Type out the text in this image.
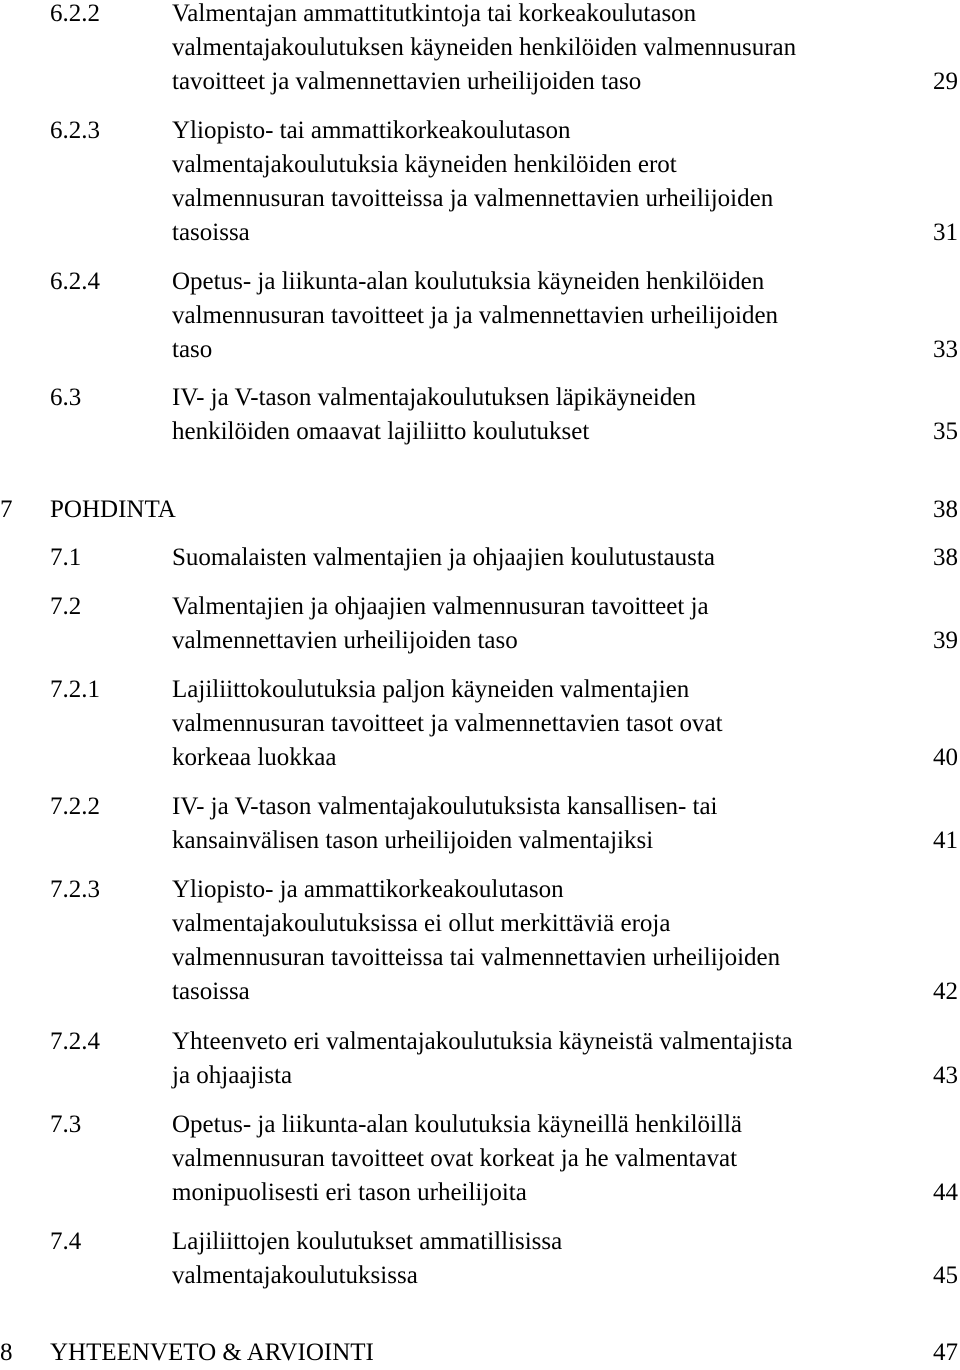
6.2.2	Valmentajan ammattitutkintoja tai korkeakoulutason
valmentajakoulutuksen käyneiden henkilöiden valmennusuran
tavoitteet ja valmennettavien urheilijoiden taso	29
6.2.3	Yliopisto- tai ammattikorkeakoulutason
valmentajakoulutuksia käyneiden henkilöiden erot
valmennusuran tavoitteissa ja valmennettavien urheilijoiden
tasoissa	31
6.2.4	Opetus- ja liikunta-alan koulutuksia käyneiden henkilöiden
valmennusuran tavoitteet ja ja valmennettavien urheilijoiden
taso	33
6.3	IV- ja V-tason valmentajakoulutuksen läpikäyneiden
henkilöiden omaavat lajiliitto koulutukset	35
7 POHDINTA	38
7.1	Suomalaisten valmentajien ja ohjaajien koulutustausta	38
7.2	Valmentajien ja ohjaajien valmennusuran tavoitteet ja
valmennettavien urheilijoiden taso	39
7.2.1	Lajiliittokoulutuksia paljon käyneiden valmentajien
valmennusuran tavoitteet ja valmennettavien tasot ovat
korkeaa luokkaa	40
7.2.2	IV- ja V-tason valmentajakoulutuksista kansallisen- tai
kansainvälisen tason urheilijoiden valmentajiksi	41
7.2.3	Yliopisto- ja ammattikorkeakoulutason
valmentajakoulutuksissa ei ollut merkittäviä eroja
valmennusuran tavoitteissa tai valmennettavien urheilijoiden
tasoissa	42
7.2.4	Yhteenveto eri valmentajakoulutuksia käyneistä valmentajista
ja ohjaajista	43
7.3	Opetus- ja liikunta-alan koulutuksia käyneillä henkilöillä
valmennusuran tavoitteet ovat korkeat ja he valmentavat
monipuolisesti eri tason urheilijoita	44
7.4	Lajiliittojen koulutukset ammatillisissa
valmentajakoulutuksissa	45
8 YHTEENVETO & ARVIOINTI	47
